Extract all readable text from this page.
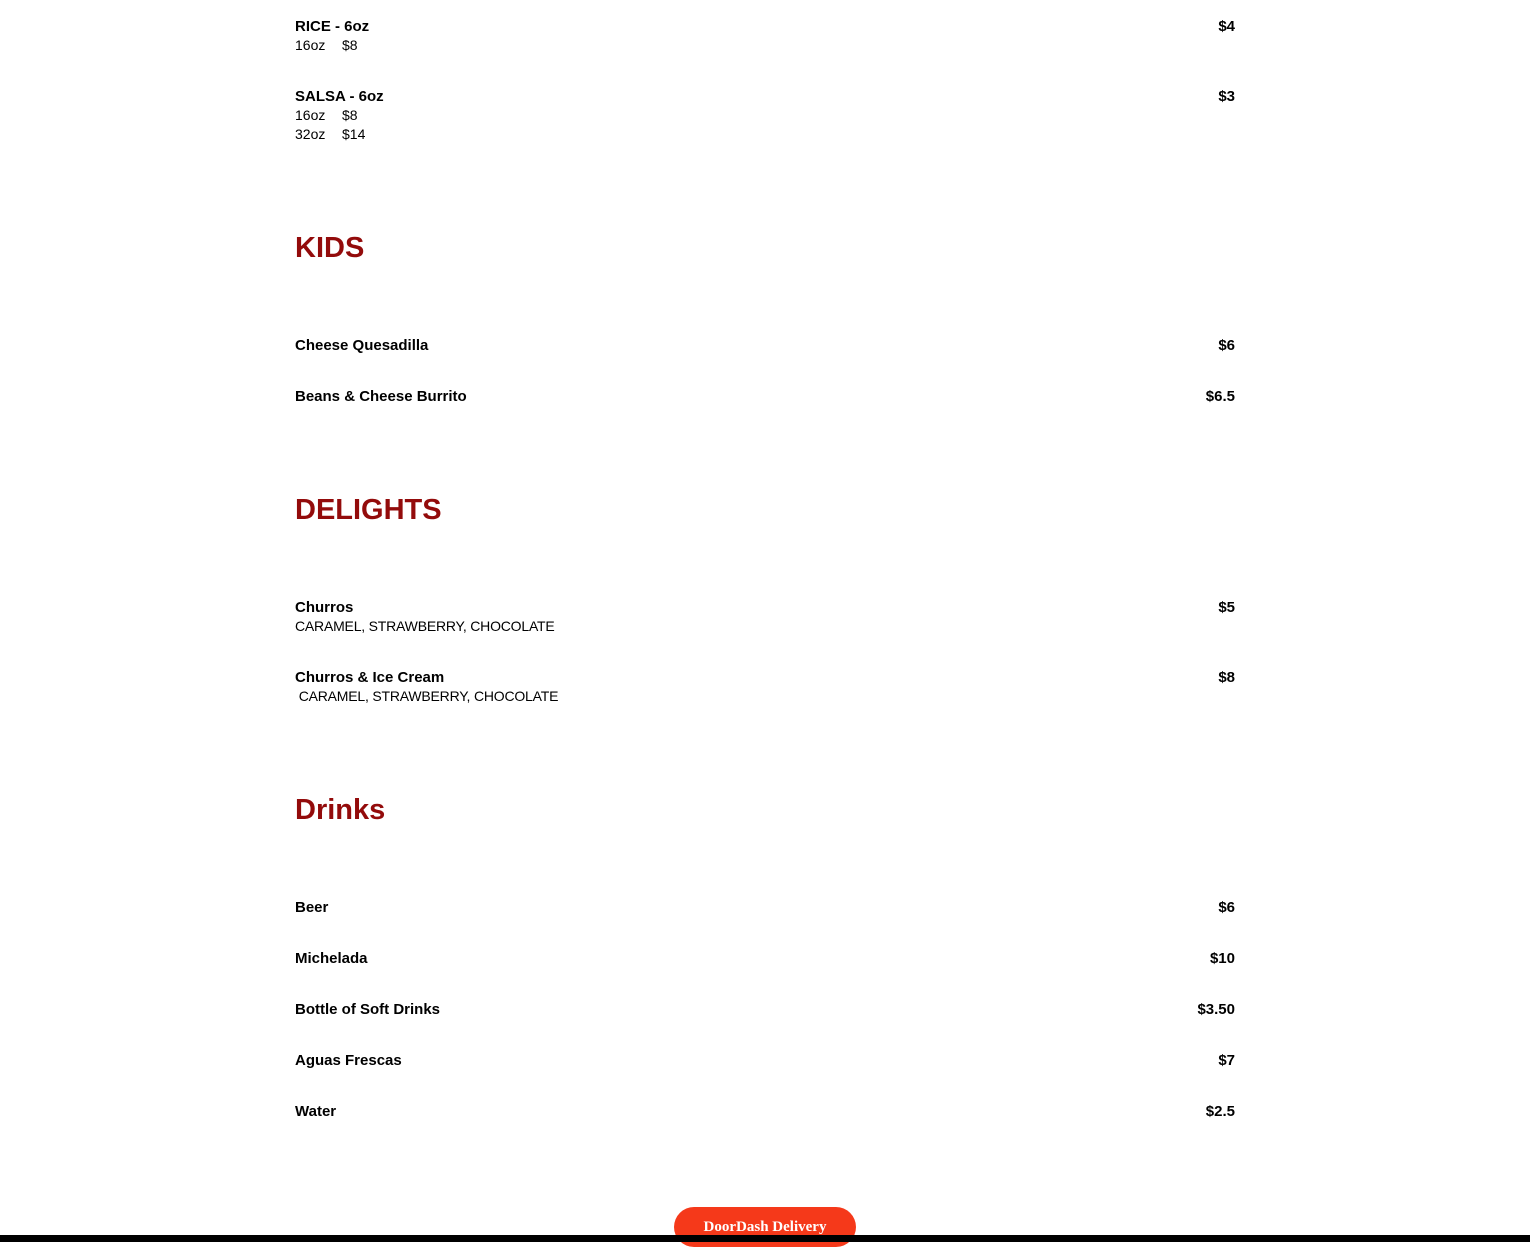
RICE - 6oz	$4
16oz $8
SALSA - 6oz	$3
16oz $8
32oz $14
KIDS
Cheese Quesadilla	$6
Beans & Cheese Burrito	$6.5
DELIGHTS
Churros	$5
CARAMEL, STRAWBERRY, CHOCOLATE
Churros & Ice Cream	$8
CARAMEL, STRAWBERRY, CHOCOLATE
Drinks
Beer	$6
Michelada	$10
Bottle of Soft Drinks	$3.50
Aguas Frescas	$7
Water	$2.5
DoorDash Delivery
